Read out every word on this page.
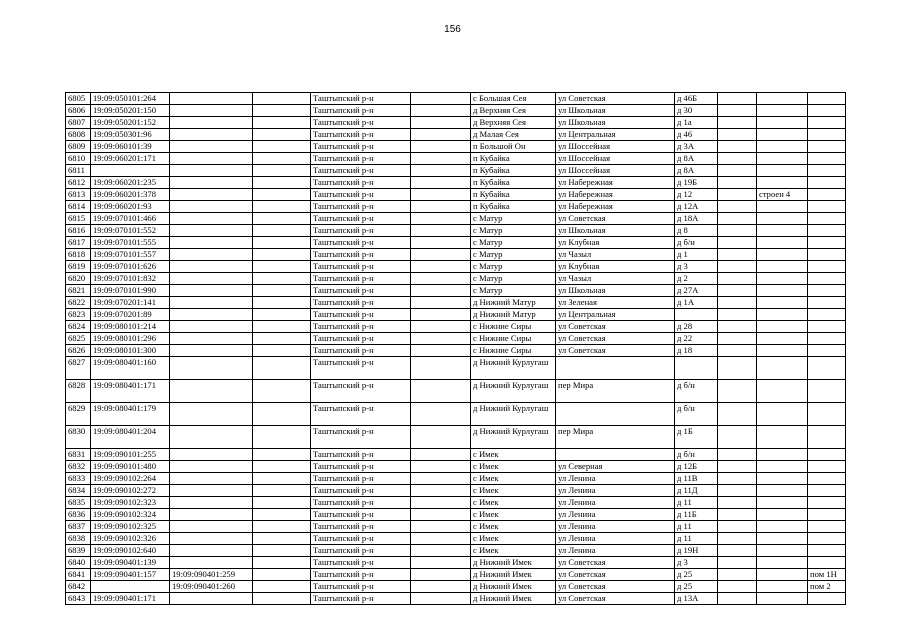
156
6805	19:09:050101:264			Таштыпский р-н		с Большая Сея	ул Советская	д 46Б			
6806	19:09:050201:150			Таштыпский р-н		д Верхняя Сея	ул Школьная	д 30			
6807	19:09:050201:152			Таштыпский р-н		д Верхняя Сея	ул Школьная	д 1а			
6808	19:09:050301:96			Таштыпский р-н		д Малая Сея	ул Центральная	д 46			
6809	19:09:060101:39			Таштыпский р-н		п Большой Он	ул Шоссейная	д 3А			
6810	19:09:060201:171			Таштыпский р-н		п Кубайка	ул Шоссейная	д 8А			
6811				Таштыпский р-н		п Кубайка	ул Шоссейная	д 8А			
6812	19:09:060201:235			Таштыпский р-н		п Кубайка	ул Набережная	д 19Б			
6813	19:09:060201:378			Таштыпский р-н		п Кубайка	ул Набережная	д 12		строен 4	
6814	19:09:060201:93			Таштыпский р-н		п Кубайка	ул Набережная	д 12А			
6815	19:09:070101:466			Таштыпский р-н		с Матур	ул Советская	д 18А			
6816	19:09:070101:552			Таштыпский р-н		с Матур	ул Школьная	д 8			
6817	19:09:070101:555			Таштыпский р-н		с Матур	ул Клубная	д б/н			
6818	19:09:070101:557			Таштыпский р-н		с Матур	ул Чазыл	д 1			
6819	19:09:070101:626			Таштыпский р-н		с Матур	ул Клубная	д 3			
6820	19:09:070101:832			Таштыпский р-н		с Матур	ул Чазыл	д 2			
6821	19:09:070101:990			Таштыпский р-н		с Матур	ул Школьная	д 27А			
6822	19:09:070201:141			Таштыпский р-н		д Нижний Матур	ул Зеленая	д 1А			
6823	19:09:070201:89			Таштыпский р-н		д Нижний Матур	ул Центральная				
6824	19:09:080101:214			Таштыпский р-н		с Нижние Сиры	ул Советская	д 28			
6825	19:09:080101:296			Таштыпский р-н		с Нижние Сиры	ул Советская	д 22			
6826	19:09:080101:300			Таштыпский р-н		с Нижние Сиры	ул Советская	д 18			
6827	19:09:080401:160			Таштыпский р-н		д Нижний Курлугаш					
6828	19:09:080401:171			Таштыпский р-н		д Нижний Курлугаш	пер Мира	д б/н			
6829	19:09:080401:179			Таштыпский р-н		д Нижний Курлугаш		д б/н			
6830	19:09:080401:204			Таштыпский р-н		д Нижний Курлугаш	пер Мира	д 1Б			
6831	19:09:090101:255			Таштыпский р-н		с Имек		д б/н			
6832	19:09:090101:480			Таштыпский р-н		с Имек	ул Северная	д 12Б			
6833	19:09:090102:264			Таштыпский р-н		с Имек	ул Ленина	д 11В			
6834	19:09:090102:272			Таштыпский р-н		с Имек	ул Ленина	д 11Д			
6835	19:09:090102:323			Таштыпский р-н		с Имек	ул Ленина	д 11			
6836	19:09:090102:324			Таштыпский р-н		с Имек	ул Ленина	д 11Б			
6837	19:09:090102:325			Таштыпский р-н		с Имек	ул Ленина	д 11			
6838	19:09:090102:326			Таштыпский р-н		с Имек	ул Ленина	д 11			
6839	19:09:090102:640			Таштыпский р-н		с Имек	ул Ленина	д 19Н			
6840	19:09:090401:139			Таштыпский р-н		д Нижний Имек	ул Советская	д 3			
6841	19:09:090401:157	19:09:090401:259		Таштыпский р-н		д Нижний Имек	ул Советская	д 25			пом 1Н
6842		19:09:090401:260		Таштыпский р-н		д Нижний Имек	ул Советская	д 25			пом 2
6843	19:09:090401:171			Таштыпский р-н		д Нижний Имек	ул Советская	д 13А			
